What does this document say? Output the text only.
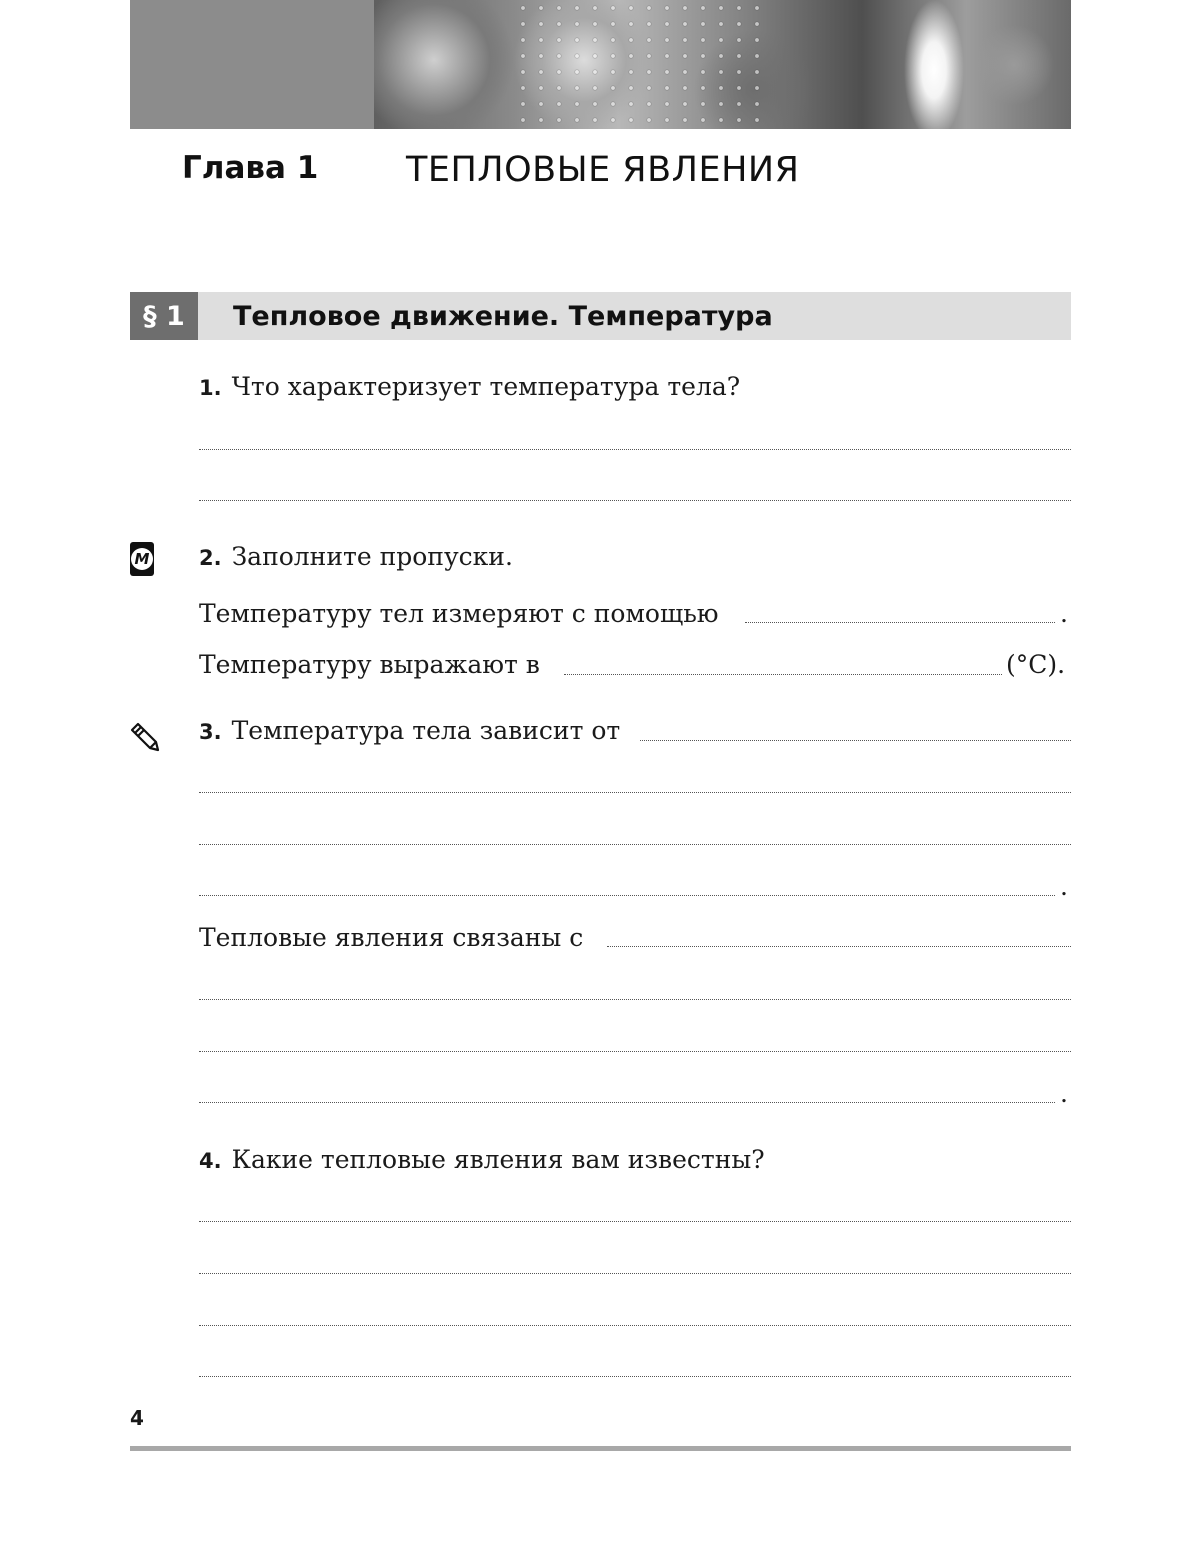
Глава 1	ТЕПЛОВЫЕ ЯВЛЕНИЯ
§ 1	Тепловое движение. Температура
1. Что характеризует температура тела?
М 2. Заполните пропуски.
Температуру тел измеряют с помощью	.
Температуру выражают в	(°C).
3. Температура тела зависит от
.
Тепловые явления связаны с
.
4. Какие тепловые явления вам известны?
4
